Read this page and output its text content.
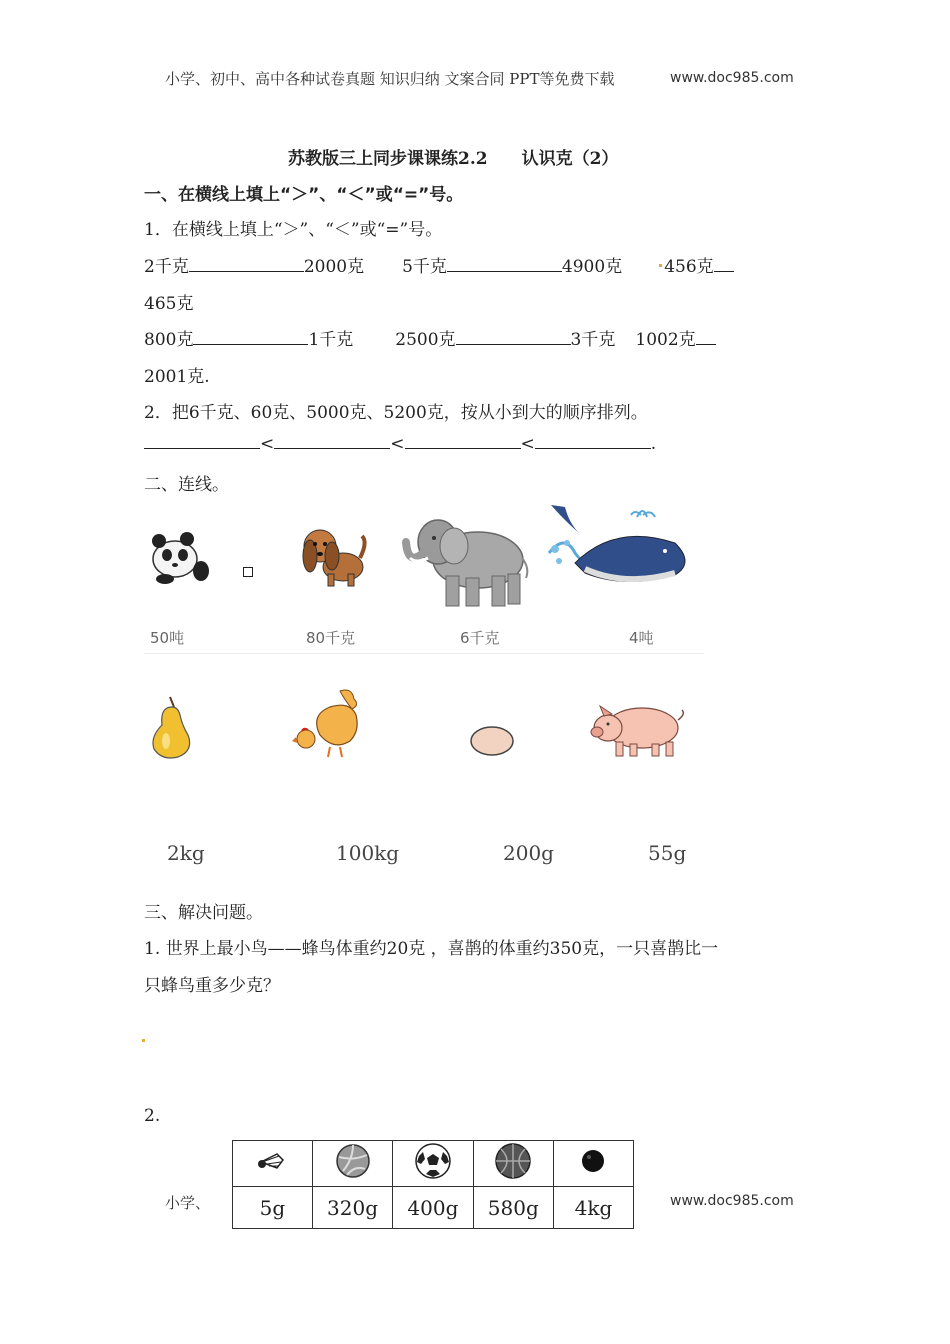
小学、初中、高中各种试卷真题 知识归纳 文案合同 PPT等免费下载	www.doc985.com
苏教版三上同步课课练2.2　　认识克（2）
一、在横线上填上“＞”、“＜”或“=”号。
1．在横线上填上“＞”、“＜”或“=”号。
2千克	2000克 5千克	4900克 456克
465克
800克	1千克 2500克	3千克 1002克
2001克.
2．把6千克、60克、5000克、5200克，按从小到大的顺序排列。
<	<	<	.
二、连线。
50吨	80千克	6千克	4吨
2kg	100kg	200g	55g
三、解决问题。
1. 世界上最小鸟——蜂鸟体重约20克 ，喜鹊的体重约350克，一只喜鹊比一
只蜂鸟重多少克？
2.
小学、	www.doc985.com

5g	320g	400g	580g	4kg
